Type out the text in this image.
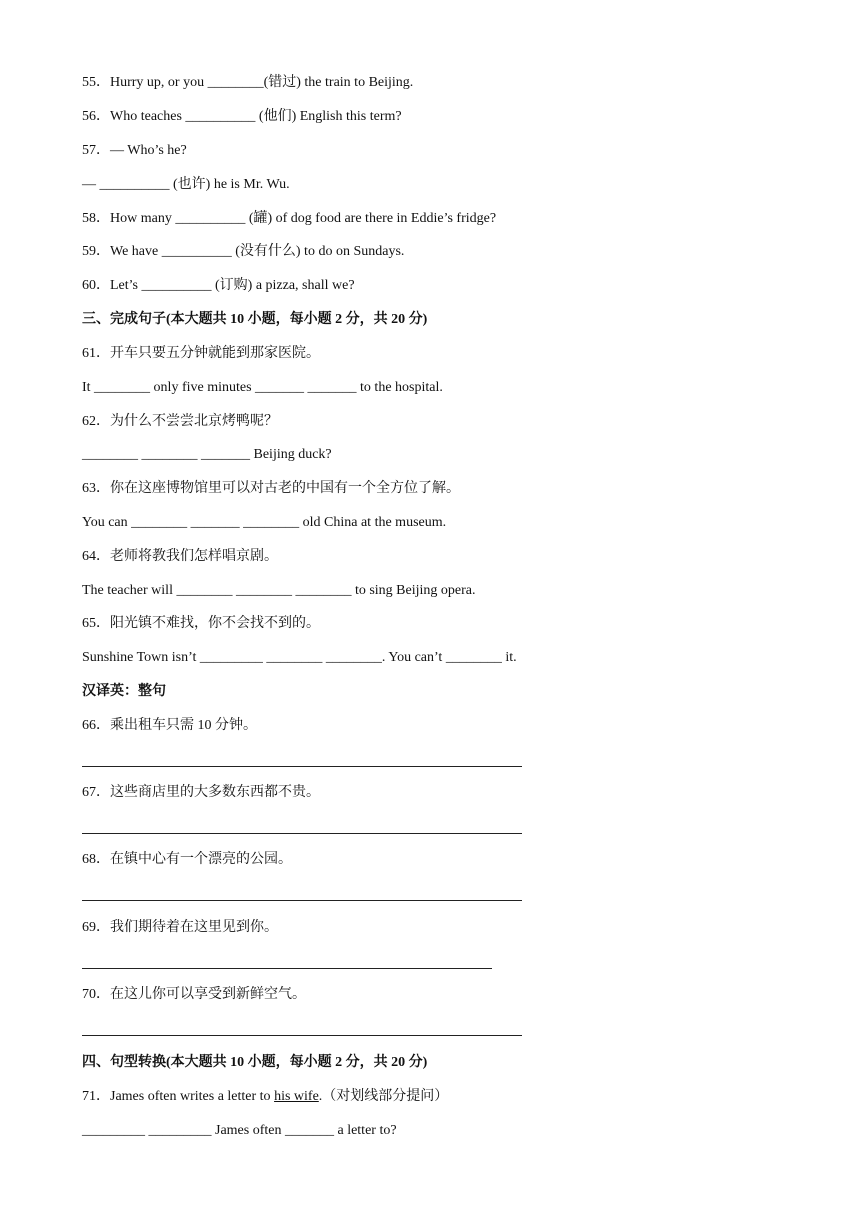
55．Hurry up, or you ________(错过) the train to Beijing.
56．Who teaches __________ (他们) English this term?
57．— Who’s he?
— __________ (也许) he is Mr. Wu.
58．How many __________ (罐) of dog food are there in Eddie’s fridge?
59．We have __________ (没有什么) to do on Sundays.
60．Let’s __________ (订购) a pizza, shall we?
三、完成句子(本大题共 10 小题，每小题 2 分，共 20 分)
61．开车只要五分钟就能到那家医院。
It ________ only five minutes _______ _______ to the hospital.
62．为什么不尝尝北京烤鸭呢？
________ ________ _______ Beijing duck?
63．你在这座博物馆里可以对古老的中国有一个全方位了解。
You can ________ _______ ________ old China at the museum.
64．老师将教我们怎样唱京剧。
The teacher will ________ ________ ________ to sing Beijing opera.
65．阳光镇不难找，你不会找不到的。
Sunshine Town isn’t _________ ________ ________. You can’t ________ it.
汉译英：整句
66．乘出租车只需 10 分钟。
67．这些商店里的大多数东西都不贵。
68．在镇中心有一个漂亮的公园。
69．我们期待着在这里见到你。
70．在这儿你可以享受到新鲜空气。
四、句型转换(本大题共 10 小题，每小题 2 分，共 20 分)
71．James often writes a letter to his wife.（对划线部分提问）
_________ _________ James often _______ a letter to?
